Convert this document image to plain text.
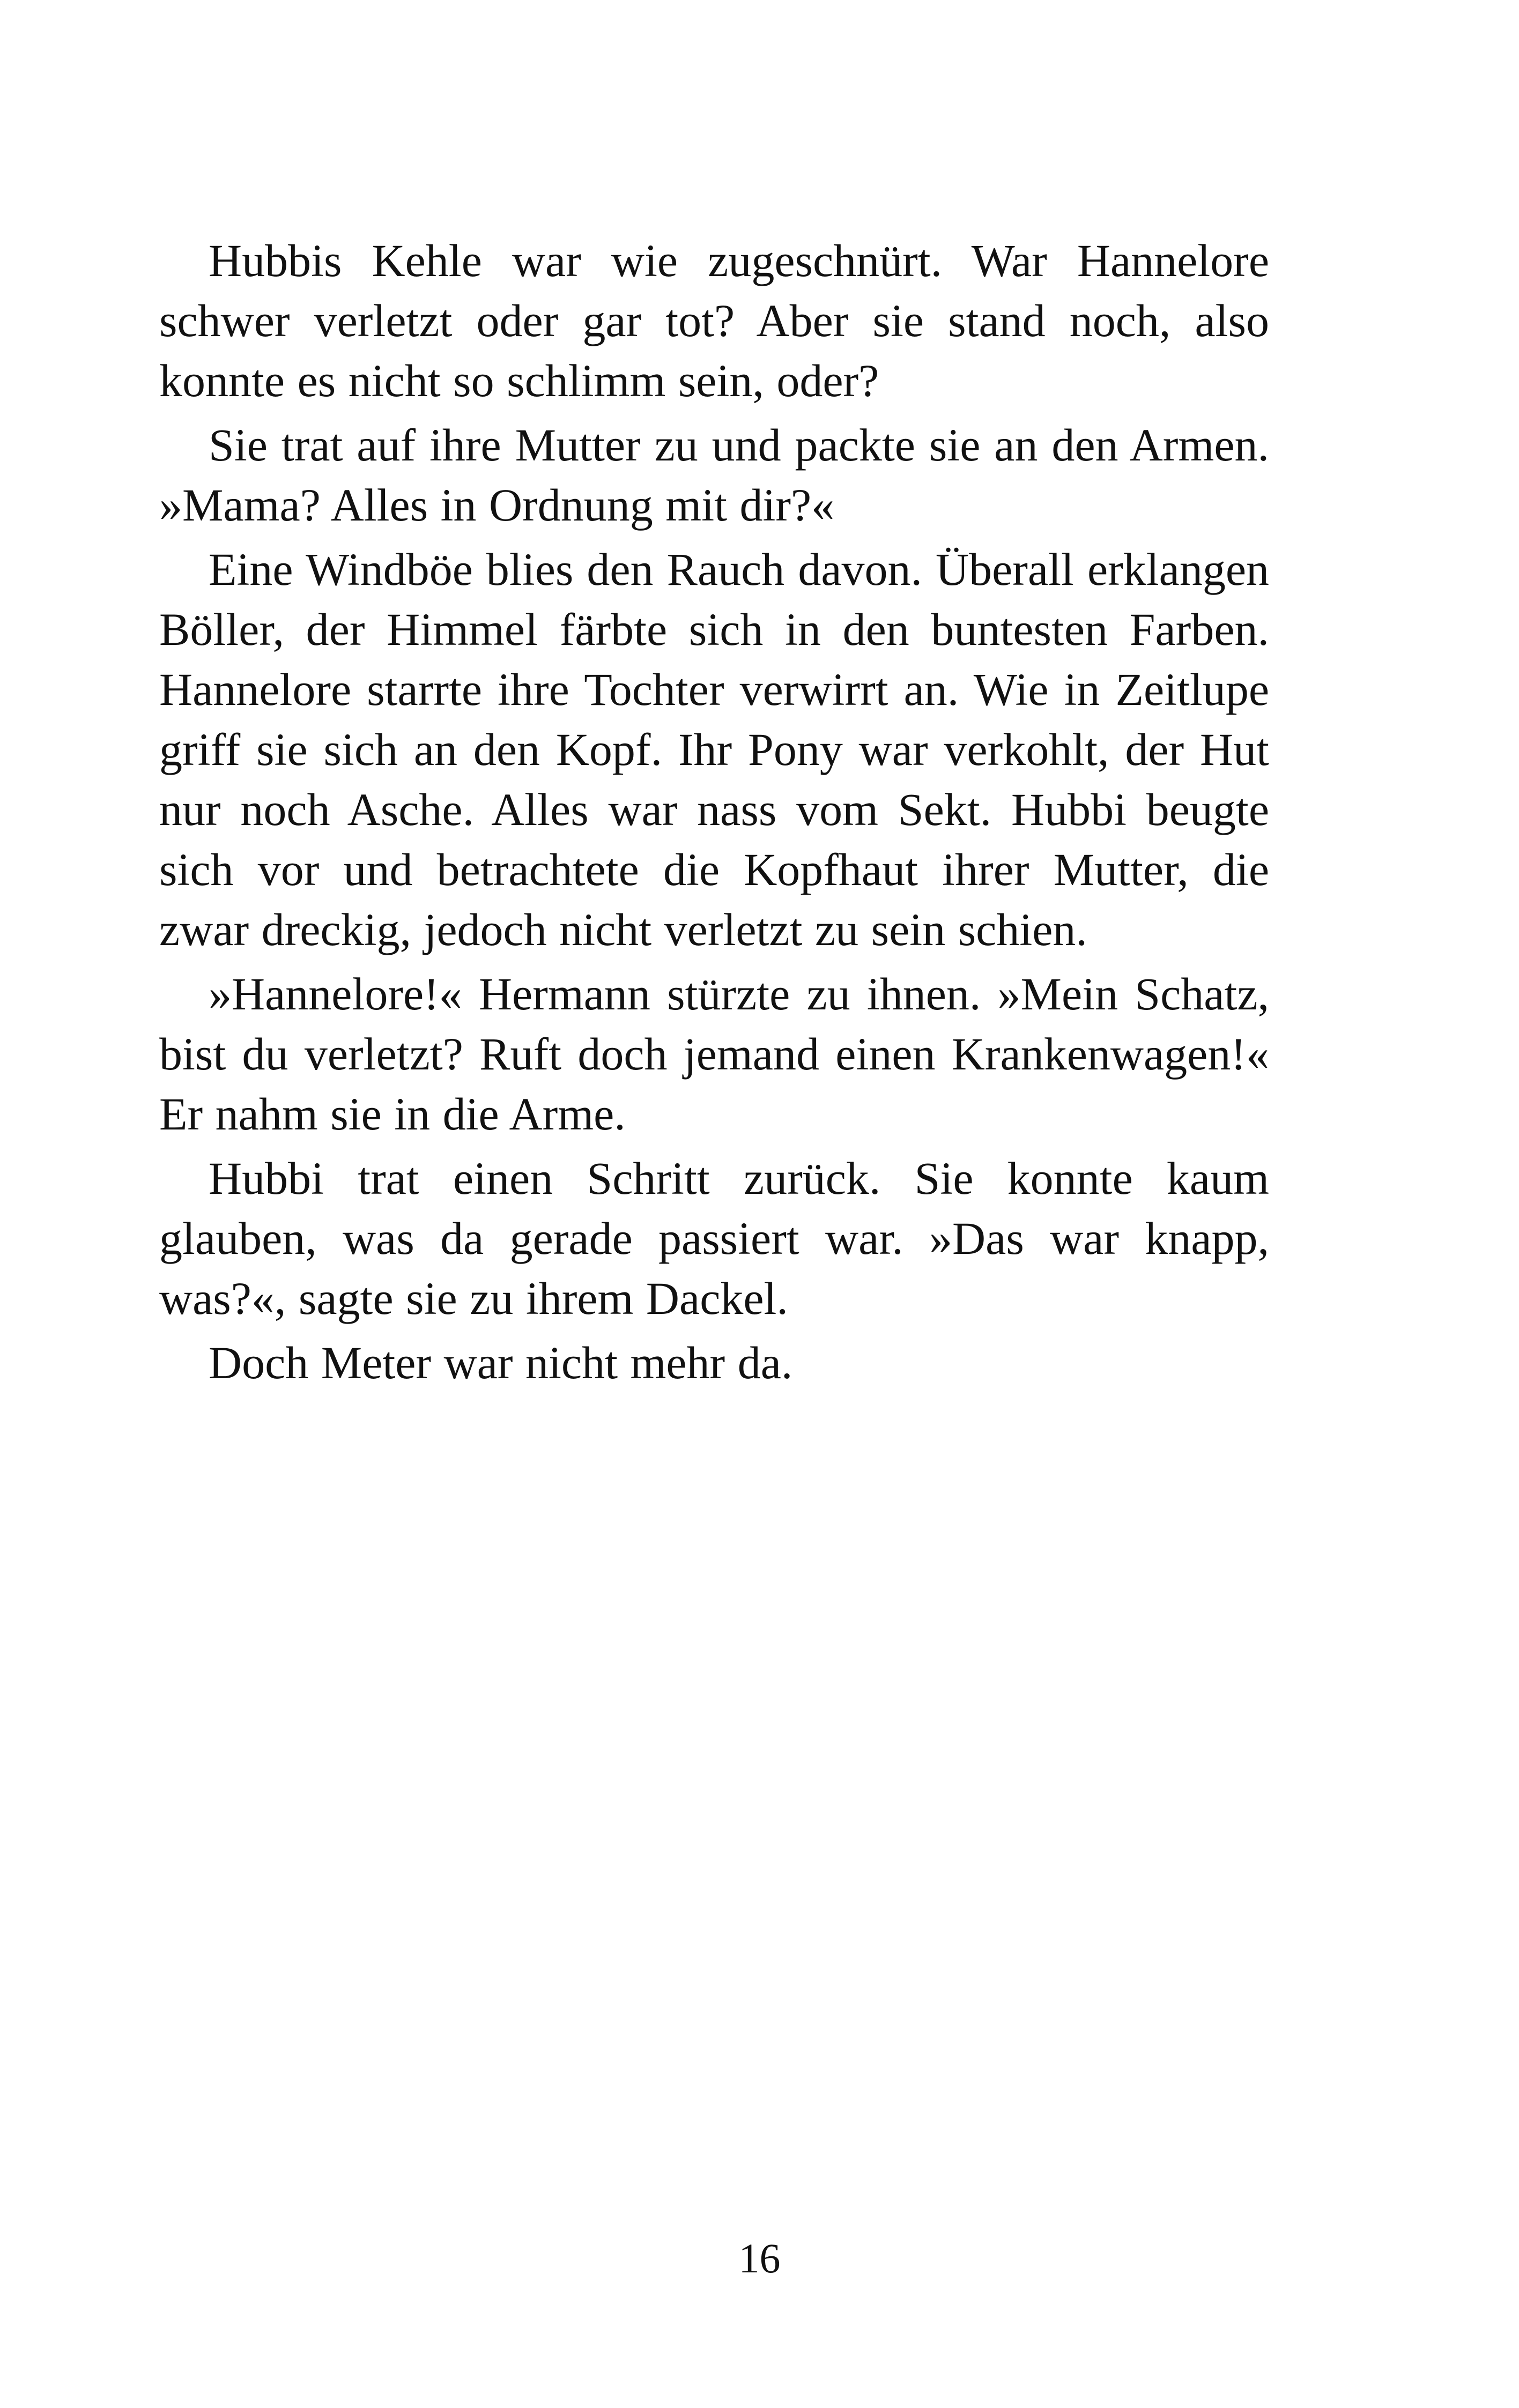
Hubbis Kehle war wie zugeschnürt. War Hannelore schwer verletzt oder gar tot? Aber sie stand noch, also konnte es nicht so schlimm sein, oder?

Sie trat auf ihre Mutter zu und packte sie an den Armen. »Mama? Alles in Ordnung mit dir?«

Eine Windböe blies den Rauch davon. Überall erklangen Böller, der Himmel färbte sich in den buntesten Farben. Hannelore starrte ihre Tochter verwirrt an. Wie in Zeitlupe griff sie sich an den Kopf. Ihr Pony war verkohlt, der Hut nur noch Asche. Alles war nass vom Sekt. Hubbi beugte sich vor und betrachtete die Kopfhaut ihrer Mutter, die zwar dreckig, jedoch nicht verletzt zu sein schien.

»Hannelore!« Hermann stürzte zu ihnen. »Mein Schatz, bist du verletzt? Ruft doch jemand einen Krankenwagen!« Er nahm sie in die Arme.

Hubbi trat einen Schritt zurück. Sie konnte kaum glauben, was da gerade passiert war. »Das war knapp, was?«, sagte sie zu ihrem Dackel.

Doch Meter war nicht mehr da.

16
